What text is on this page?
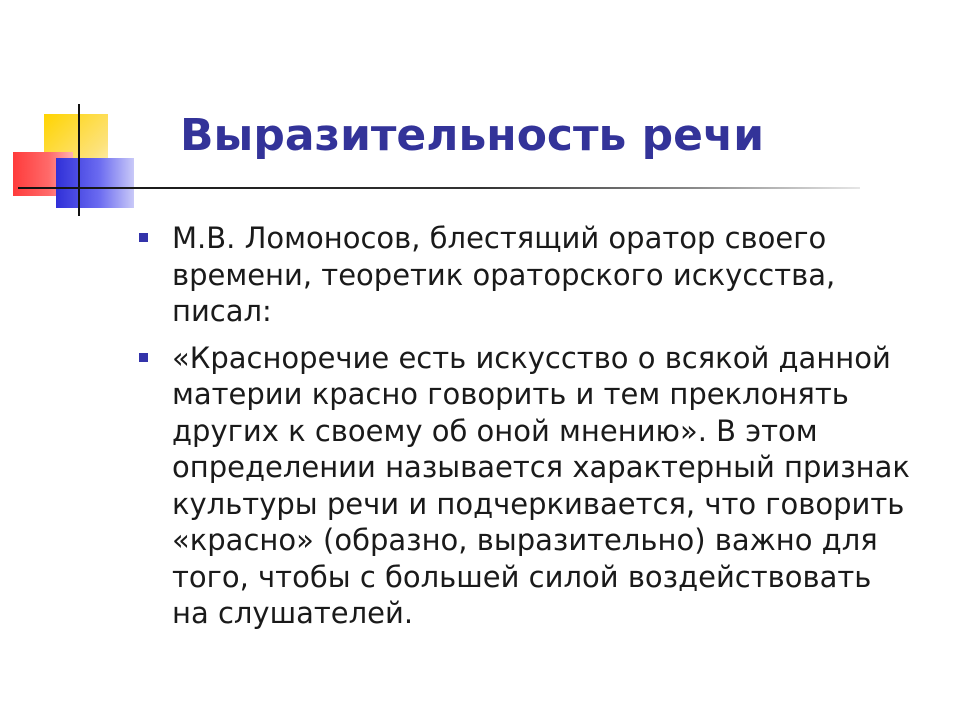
Выразительность речи
М.В. Ломоносов, блестящий оратор своего времени, теоретик ораторского искусства, писал:
«Красноречие есть искусство о всякой данной материи красно говорить и тем преклонять других к своему об оной мнению». В этом определении называется характерный признак культуры речи и подчеркивается, что говорить «красно» (образно, выразительно) важно для того, чтобы с большей силой воздействовать на слушателей.
